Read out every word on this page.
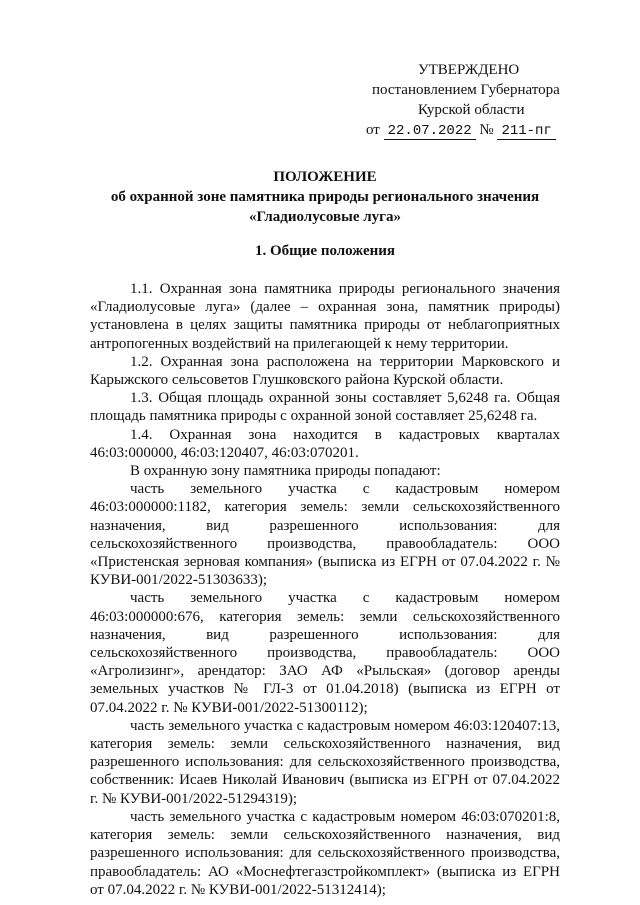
УТВЕРЖДЕНО
постановлением Губернатора
Курской области
от 22.07.2022 № 211-пг
ПОЛОЖЕНИЕ
об охранной зоне памятника природы регионального значения
«Гладиолусовые луга»
1. Общие положения

1.1. Охранная зона памятника природы регионального значения «Гладиолусовые луга» (далее – охранная зона, памятник природы) установлена в целях защиты памятника природы от неблагоприятных антропогенных воздействий на прилегающей к нему территории.

1.2. Охранная зона расположена на территории Марковского и Карыжского сельсоветов Глушковского района Курской области.

1.3. Общая площадь охранной зоны составляет 5,6248 га. Общая площадь памятника природы с охранной зоной составляет 25,6248 га.

1.4. Охранная зона находится в кадастровых кварталах 46:03:000000, 46:03:120407, 46:03:070201.

В охранную зону памятника природы попадают:

часть земельного участка с кадастровым номером 46:03:000000:1182, категория земель: земли сельскохозяйственного назначения, вид разрешенного использования: для сельскохозяйственного производства, правообладатель: ООО «Пристенская зерновая компания» (выписка из ЕГРН от 07.04.2022 г. № КУВИ-001/2022-51303633);

часть земельного участка с кадастровым номером 46:03:000000:676, категория земель: земли сельскохозяйственного назначения, вид разрешенного использования: для сельскохозяйственного производства, правообладатель: ООО «Агролизинг», арендатор: ЗАО АФ «Рыльская» (договор аренды земельных участков № ГЛ-3 от 01.04.2018) (выписка из ЕГРН от 07.04.2022 г. № КУВИ-001/2022-51300112);

часть земельного участка с кадастровым номером 46:03:120407:13, категория земель: земли сельскохозяйственного назначения, вид разрешенного использования: для сельскохозяйственного производства, собственник: Исаев Николай Иванович (выписка из ЕГРН от 07.04.2022 г. № КУВИ-001/2022-51294319);

часть земельного участка с кадастровым номером 46:03:070201:8, категория земель: земли сельскохозяйственного назначения, вид разрешенного использования: для сельскохозяйственного производства, правообладатель: АО «Моснефтегазстройкомплект» (выписка из ЕГРН от 07.04.2022 г. № КУВИ-001/2022-51312414);
